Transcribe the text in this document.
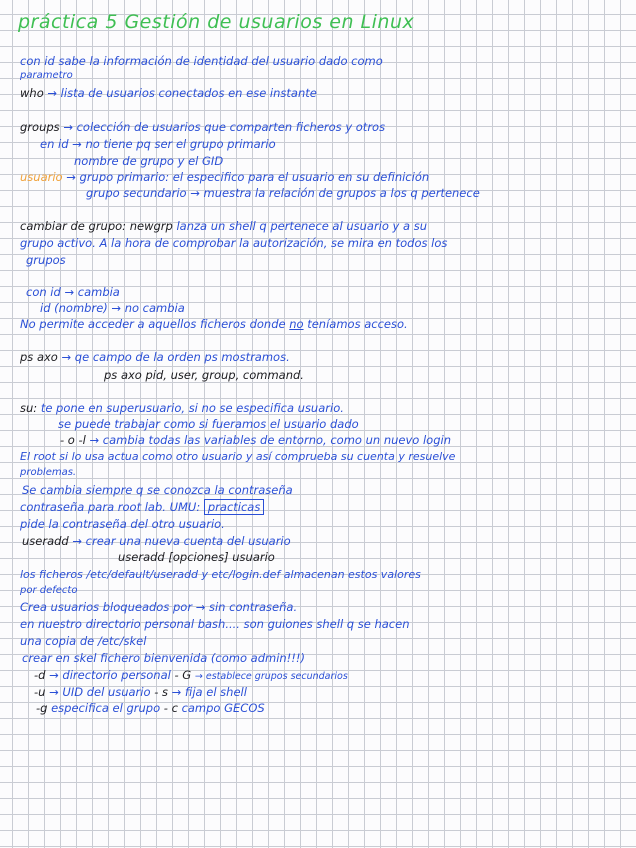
práctica 5 Gestión de usuarios en Linux
con id sabe la información de identidad del usuario dado como
parametro
who → lista de usuarios conectados en ese instante
groups → colección de usuarios que comparten ficheros y otros
en id → no tiene pq ser el grupo primario
nombre de grupo y el GID
usuario → grupo primario: el especifico para el usuario en su definición
grupo secundario → muestra la relación de grupos a los q pertenece
cambiar de grupo: newgrp lanza un shell q pertenece al usuario y a su
grupo activo. A la hora de comprobar la autorización, se mira en todos los
grupos
con id → cambia
id (nombre) → no cambia
No permite acceder a aquellos ficheros donde no teníamos acceso.
ps axo → qe campo de la orden ps mostramos.
ps axo pid, user, group, command.
su: te pone en superusuario, si no se especifica usuario.
se puede trabajar como si fueramos el usuario dado
- o -l → cambia todas las variables de entorno, como un nuevo login
El root si lo usa actua como otro usuario y así comprueba su cuenta y resuelve
problemas.
Se cambia siempre q se conozca la contraseña
contraseña para root lab. UMU: practicas
pide la contraseña del otro usuario.
useradd → crear una nueva cuenta del usuario
useradd [opciones] usuario
los ficheros /etc/default/useradd y etc/login.def almacenan estos valores
por defecto
Crea usuarios bloqueados por → sin contraseña.
en nuestro directorio personal bash.... son guiones shell q se hacen
una copia de /etc/skel
crear en skel fichero bienvenida (como admin!!!)
-d → directorio personal - G → establece grupos secundarios
-u → UID del usuario - s → fija el shell
-g especifica el grupo - c campo GECOS
